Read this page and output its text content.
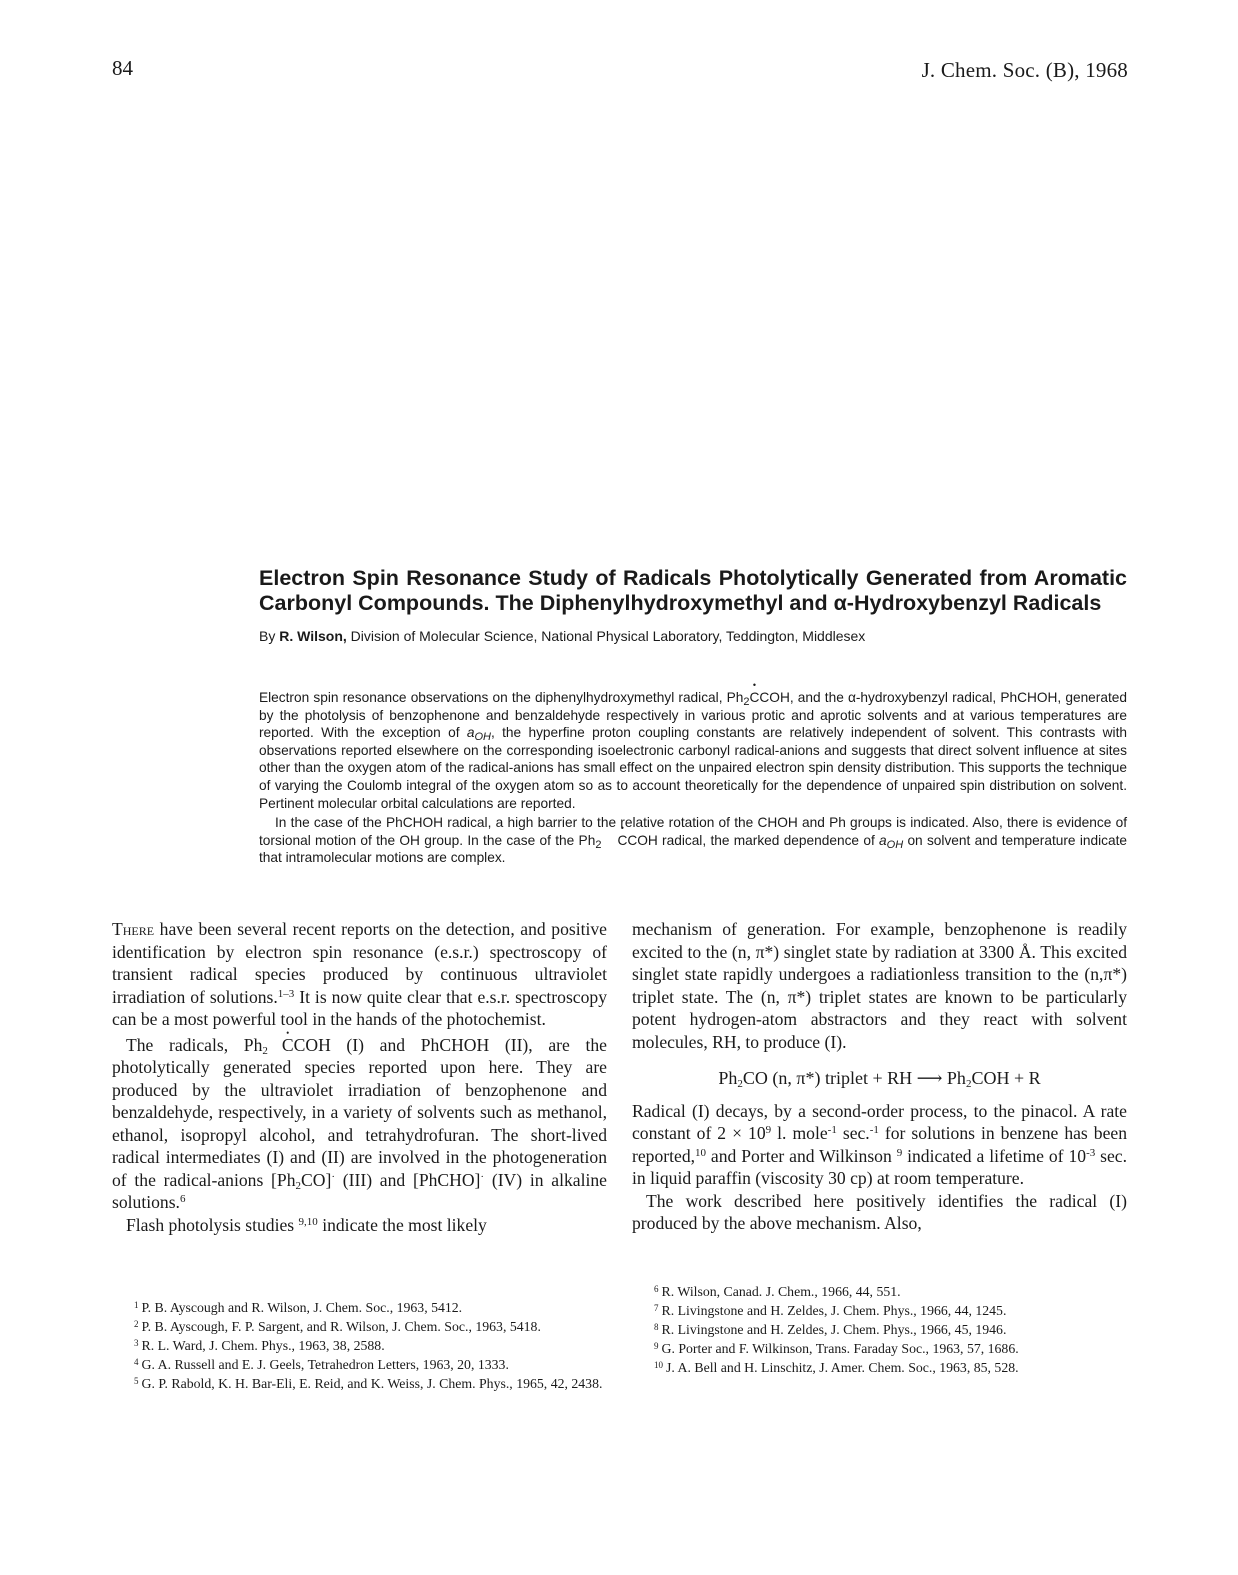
84	J. Chem. Soc. (B), 1968
Electron Spin Resonance Study of Radicals Photolytically Generated from Aromatic Carbonyl Compounds. The Diphenylhydroxymethyl and α-Hydroxybenzyl Radicals
By R. Wilson, Division of Molecular Science, National Physical Laboratory, Teddington, Middlesex

Electron spin resonance observations on the diphenylhydroxymethyl radical, $Ph_2C$ •COH, and the α-hydroxybenzyl radical, PhCHOH, generated by the photolysis of benzophenone and benzaldehyde respectively in various protic and aprotic solvents and at various temperatures are reported. With the exception of $a_{OH}$, the hyperfine proton coupling constants are relatively independent of solvent. This contrasts with observations reported elsewhere on the corresponding isoelectronic carbonyl radical-anions and suggests that direct solvent influence at sites other than the oxygen atom of the radical-anions has small effect on the unpaired electron spin density distribution. This supports the technique of varying the Coulomb integral of the oxygen atom so as to account theoretically for the dependence of unpaired spin distribution on solvent. Pertinent molecular orbital calculations are reported.

In the case of the PhCHOH radical, a high barrier to the relative rotation of the CHOH and Ph groups is indicated. Also, there is evidence of torsional motion of the OH group. In the case of the $Ph_2$ C •COH radical, the marked dependence of $a_{OH}$ on solvent and temperature indicate that intramolecular motions are complex.

There have been several recent reports on the detection, and positive identification by electron spin resonance (e.s.r.) spectroscopy of transient radical species produced by continuous ultraviolet irradiation of solutions.$^{1-3}$ It is now quite clear that e.s.r. spectroscopy can be a most powerful tool in the hands of the photochemist.

The radicals, $Ph_2$ C •COH (I) and PhCHOH (II), are the photolytically generated species reported upon here. They are produced by the ultraviolet irradiation of benzophenone and benzaldehyde, respectively, in a variety of solvents such as methanol, ethanol, isopropyl alcohol, and tetrahydrofuran. The short-lived radical intermediates (I) and (II) are involved in the photogeneration of the radical-anions $[Ph_2CO]^\cdot$ (III) and [PhCHO]· (IV) in alkaline solutions.$^6$

Flash photolysis studies $^{9,10}$ indicate the most likely

mechanism of generation. For example, benzophenone is readily excited to the (n, π*) singlet state by radiation at 3300 Å. This excited singlet state rapidly undergoes a radiationless transition to the (n,π*) triplet state. The (n, π*) triplet states are known to be particularly potent hydrogen-atom abstractors and they react with solvent molecules, RH, to produce (I).

$Ph_2CO$ (n, π*) triplet + RH ⟶ $Ph_2COH + R$

Radical (I) decays, by a second-order process, to the pinacol. A rate constant of $2 \times 10^9$ l. mole$^{-1}$ sec.$^{-1}$ for solutions in benzene has been reported,$^{10}$ and Porter and Wilkinson $^9$ indicated a lifetime of $10^{-3}$ sec. in liquid paraffin (viscosity 30 cp) at room temperature.

The work described here positively identifies the radical (I) produced by the above mechanism. Also,

$^1$ P. B. Ayscough and R. Wilson, J. Chem. Soc., 1963, 5412.

$^2$ P. B. Ayscough, F. P. Sargent, and R. Wilson, J. Chem. Soc., 1963, 5418.

$^3$ R. L. Ward, J. Chem. Phys., 1963, 38, 2588.

$^4$ G. A. Russell and E. J. Geels, Tetrahedron Letters, 1963, 20, 1333.

$^5$ G. P. Rabold, K. H. Bar-Eli, E. Reid, and K. Weiss, J. Chem. Phys., 1965, 42, 2438.

$^6$ R. Wilson, Canad. J. Chem., 1966, 44, 551.

$^7$ R. Livingstone and H. Zeldes, J. Chem. Phys., 1966, 44, 1245.

$^8$ R. Livingstone and H. Zeldes, J. Chem. Phys., 1966, 45, 1946.

$^9$ G. Porter and F. Wilkinson, Trans. Faraday Soc., 1963, 57, 1686.

$^{10}$ J. A. Bell and H. Linschitz, J. Amer. Chem. Soc., 1963, 85, 528.
